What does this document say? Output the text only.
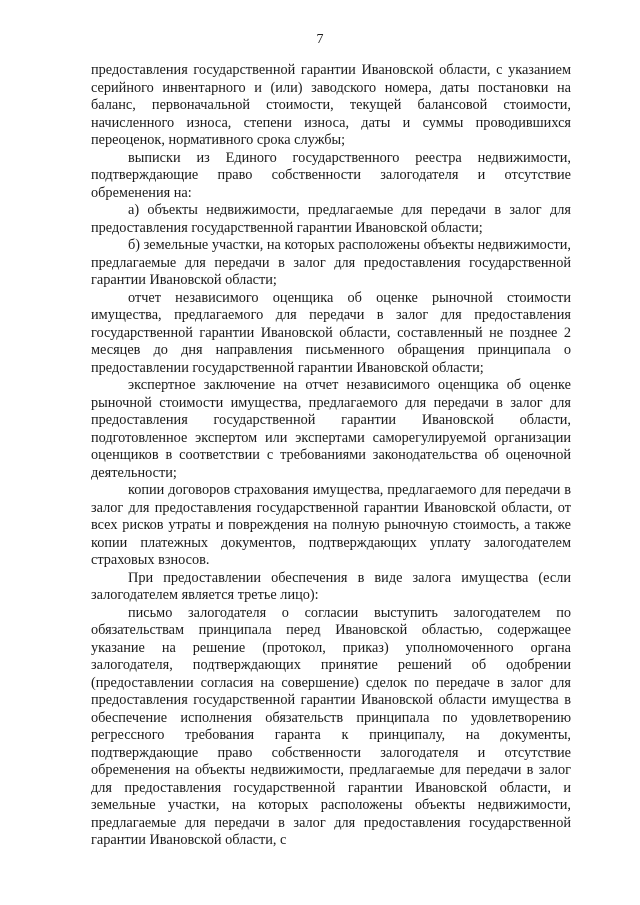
7

предоставления государственной гарантии Ивановской области, с указанием серийного инвентарного и (или) заводского номера, даты постановки на баланс, первоначальной стоимости, текущей балансовой стоимости, начисленного износа, степени износа, даты и суммы проводившихся переоценок, нормативного срока службы;

выписки из Единого государственного реестра недвижимости, подтверждающие право собственности залогодателя и отсутствие обременения на:

а) объекты недвижимости, предлагаемые для передачи в залог для предоставления государственной гарантии Ивановской области;

б) земельные участки, на которых расположены объекты недвижимости, предлагаемые для передачи в залог для предоставления государственной гарантии Ивановской области;

отчет независимого оценщика об оценке рыночной стоимости имущества, предлагаемого для передачи в залог для предоставления государственной гарантии Ивановской области, составленный не позднее 2 месяцев до дня направления письменного обращения принципала о предоставлении государственной гарантии Ивановской области;

экспертное заключение на отчет независимого оценщика об оценке рыночной стоимости имущества, предлагаемого для передачи в залог для предоставления государственной гарантии Ивановской области, подготовленное экспертом или экспертами саморегулируемой организации оценщиков в соответствии с требованиями законодательства об оценочной деятельности;

копии договоров страхования имущества, предлагаемого для передачи в залог для предоставления государственной гарантии Ивановской области, от всех рисков утраты и повреждения на полную рыночную стоимость, а также копии платежных документов, подтверждающих уплату залогодателем страховых взносов.

При предоставлении обеспечения в виде залога имущества (если залогодателем является третье лицо):

письмо залогодателя о согласии выступить залогодателем по обязательствам принципала перед Ивановской областью, содержащее указание на решение (протокол, приказ) уполномоченного органа залогодателя, подтверждающих принятие решений об одобрении (предоставлении согласия на совершение) сделок по передаче в залог для предоставления государственной гарантии Ивановской области имущества в обеспечение исполнения обязательств принципала по удовлетворению регрессного требования гаранта к принципалу, на документы, подтверждающие право собственности залогодателя и отсутствие обременения на объекты недвижимости, предлагаемые для передачи в залог для предоставления государственной гарантии Ивановской области, и земельные участки, на которых расположены объекты недвижимости, предлагаемые для передачи в залог для предоставления государственной гарантии Ивановской области, с
